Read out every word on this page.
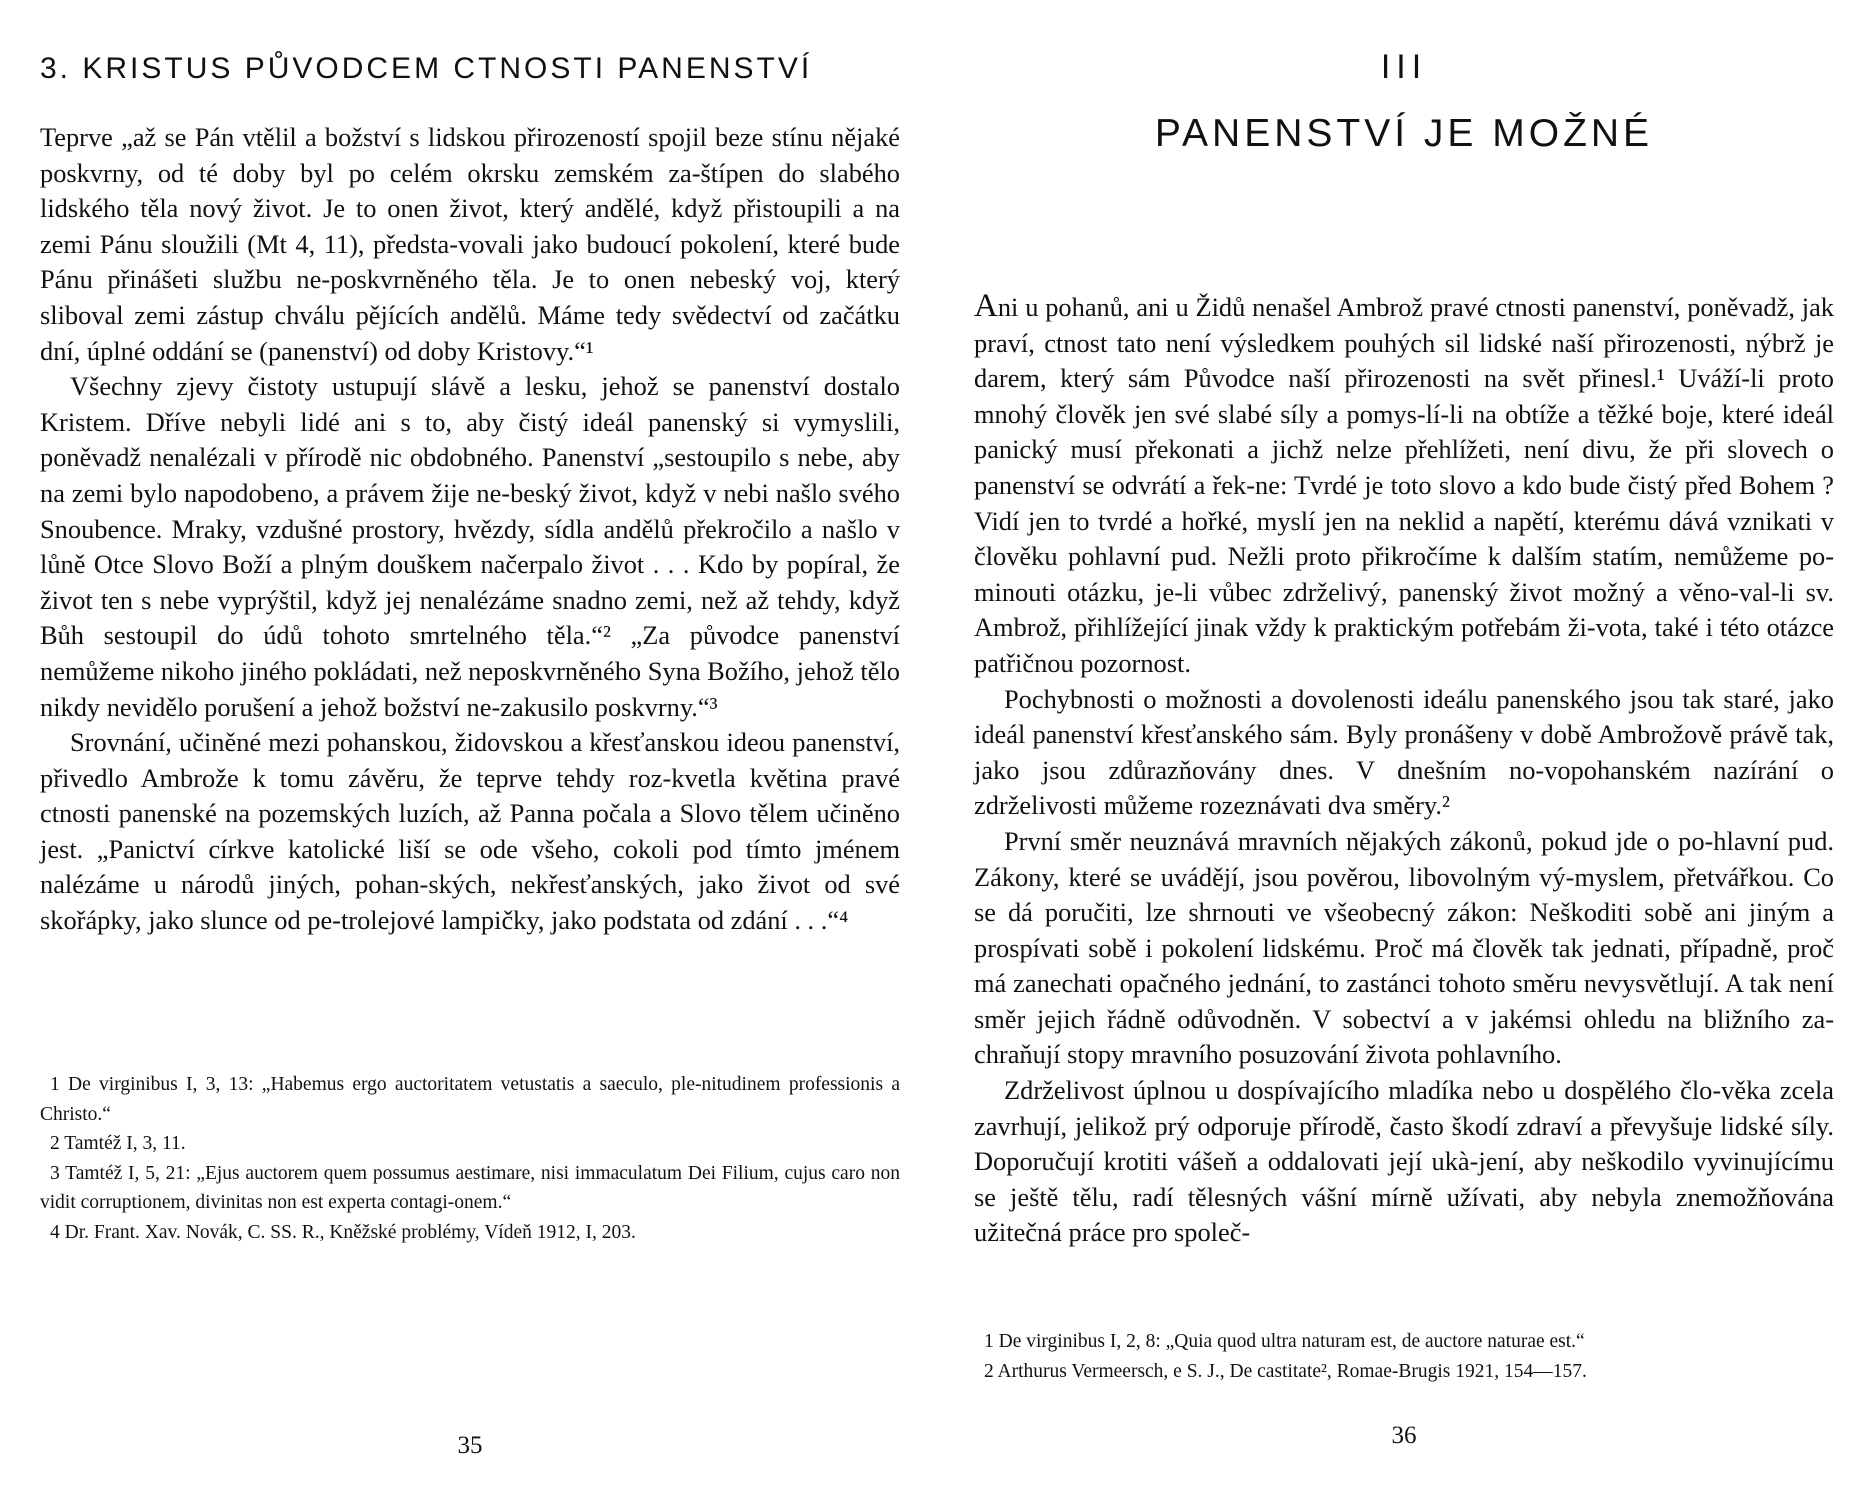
3. KRISTUS PŮVODCEM CTNOSTI PANENSTVÍ

Teprve „až se Pán vtělil a božství s lidskou přirozeností spojil beze stínu nějaké poskvrny, od té doby byl po celém okrsku zemském za-štípen do slabého lidského těla nový život. Je to onen život, který andělé, když přistoupili a na zemi Pánu sloužili (Mt 4, 11), předsta-vovali jako budoucí pokolení, které bude Pánu přinášeti službu ne-poskvrněného těla. Je to onen nebeský voj, který sliboval zemi zástup chválu pějících andělů. Máme tedy svědectví od začátku dní, úplné oddání se (panenství) od doby Kristovy.“¹

Všechny zjevy čistoty ustupují slávě a lesku, jehož se panenství dostalo Kristem. Dříve nebyli lidé ani s to, aby čistý ideál panenský si vymyslili, poněvadž nenalézali v přírodě nic obdobného. Panenství „sestoupilo s nebe, aby na zemi bylo napodobeno, a právem žije ne-beský život, když v nebi našlo svého Snoubence. Mraky, vzdušné prostory, hvězdy, sídla andělů překročilo a našlo v lůně Otce Slovo Boží a plným douškem načerpalo život . . . Kdo by popíral, že život ten s nebe vyprýštil, když jej nenalézáme snadno zemi, než až tehdy, když Bůh sestoupil do údů tohoto smrtelného těla.“² „Za původce panenství nemůžeme nikoho jiného pokládati, než neposkvrněného Syna Božího, jehož tělo nikdy nevidělo porušení a jehož božství ne-zakusilo poskvrny.“³

Srovnání, učiněné mezi pohanskou, židovskou a křesťanskou ideou panenství, přivedlo Ambrože k tomu závěru, že teprve tehdy roz-kvetla květina pravé ctnosti panenské na pozemských luzích, až Panna počala a Slovo tělem učiněno jest. „Panictví církve katolické liší se ode všeho, cokoli pod tímto jménem nalézáme u národů jiných, pohan-ských, nekřesťanských, jako život od své skořápky, jako slunce od pe-trolejové lampičky, jako podstata od zdání . . .“⁴

1 De virginibus I, 3, 13: „Habemus ergo auctoritatem vetustatis a saeculo, ple-nitudinem professionis a Christo.“

2 Tamtéž I, 3, 11.

3 Tamtéž I, 5, 21: „Ejus auctorem quem possumus aestimare, nisi immaculatum Dei Filium, cujus caro non vidit corruptionem, divinitas non est experta contagi-onem.“

4 Dr. Frant. Xav. Novák, C. SS. R., Kněžské problémy, Vídeň 1912, I, 203.

35
III
PANENSTVÍ JE MOŽNÉ

Ani u pohanů, ani u Židů nenašel Ambrož pravé ctnosti panenství, poněvadž, jak praví, ctnost tato není výsledkem pouhých sil lidské naší přirozenosti, nýbrž je darem, který sám Původce naší přirozenosti na svět přinesl.¹ Uváží-li proto mnohý člověk jen své slabé síly a pomys-lí-li na obtíže a těžké boje, které ideál panický musí překonati a jichž nelze přehlížeti, není divu, že při slovech o panenství se odvrátí a řek-ne: Tvrdé je toto slovo a kdo bude čistý před Bohem ? Vidí jen to tvrdé a hořké, myslí jen na neklid a napětí, kterému dává vznikati v člověku pohlavní pud. Nežli proto přikročíme k dalším statím, nemůžeme po-minouti otázku, je-li vůbec zdrželivý, panenský život možný a věno-val-li sv. Ambrož, přihlížející jinak vždy k praktickým potřebám ži-vota, také i této otázce patřičnou pozornost.

Pochybnosti o možnosti a dovolenosti ideálu panenského jsou tak staré, jako ideál panenství křesťanského sám. Byly pronášeny v době Ambrožově právě tak, jako jsou zdůrazňovány dnes. V dnešním no-vopohanském nazírání o zdrželivosti můžeme rozeznávati dva směry.²

První směr neuznává mravních nějakých zákonů, pokud jde o po-hlavní pud. Zákony, které se uvádějí, jsou pověrou, libovolným vý-myslem, přetvářkou. Co se dá poručiti, lze shrnouti ve všeobecný zákon: Neškoditi sobě ani jiným a prospívati sobě i pokolení lidskému. Proč má člověk tak jednati, případně, proč má zanechati opačného jednání, to zastánci tohoto směru nevysvětlují. A tak není směr jejich řádně odůvodněn. V sobectví a v jakémsi ohledu na bližního za-chraňují stopy mravního posuzování života pohlavního.

Zdrželivost úplnou u dospívajícího mladíka nebo u dospělého člo-věka zcela zavrhují, jelikož prý odporuje přírodě, často škodí zdraví a převyšuje lidské síly. Doporučují krotiti vášeň a oddalovati její ukà-jení, aby neškodilo vyvinujícímu se ještě tělu, radí tělesných vášní mírně užívati, aby nebyla znemožňována užitečná práce pro společ-

1 De virginibus I, 2, 8: „Quia quod ultra naturam est, de auctore naturae est.“

2 Arthurus Vermeersch, e S. J., De castitate², Romae-Brugis 1921, 154—157.

36
